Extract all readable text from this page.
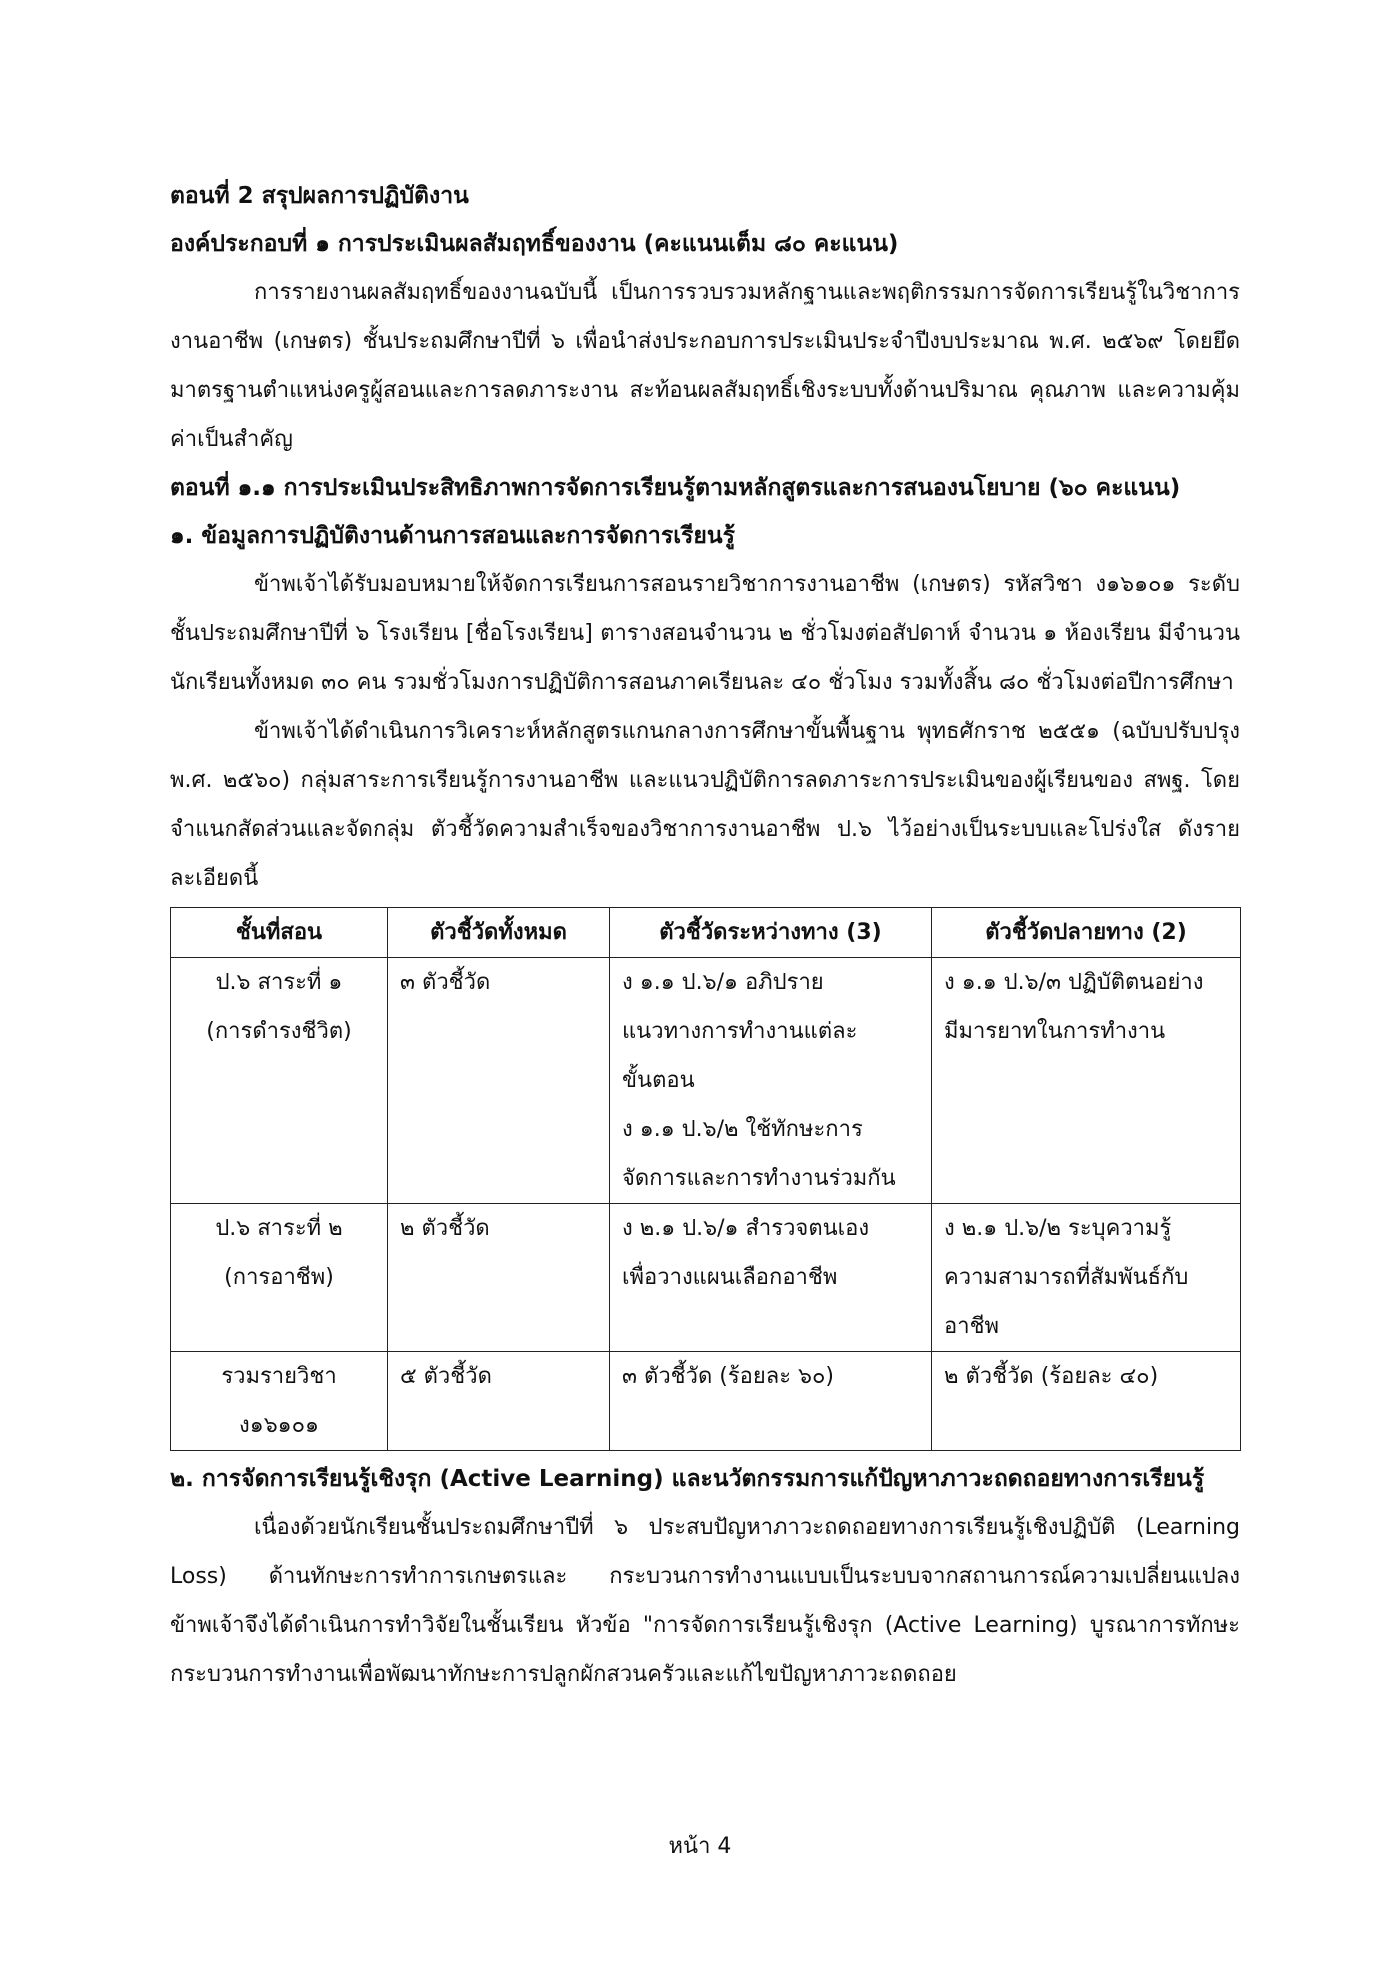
ตอนที่ 2 สรุปผลการปฏิบัติงาน

องค์ประกอบที่ ๑ การประเมินผลสัมฤทธิ์ของงาน (คะแนนเต็ม ๘๐ คะแนน)

การรายงานผลสัมฤทธิ์ของงานฉบับนี้ เป็นการรวบรวมหลักฐานและพฤติกรรมการจัดการเรียนรู้ในวิชาการงานอาชีพ (เกษตร) ชั้นประถมศึกษาปีที่ ๖ เพื่อนำส่งประกอบการประเมินประจำปีงบประมาณ พ.ศ. ๒๕๖๙ โดยยึดมาตรฐานตำแหน่งครูผู้สอนและการลดภาระงาน สะท้อนผลสัมฤทธิ์เชิงระบบทั้งด้านปริมาณ คุณภาพ และความคุ้มค่าเป็นสำคัญ

ตอนที่ ๑.๑ การประเมินประสิทธิภาพการจัดการเรียนรู้ตามหลักสูตรและการสนองนโยบาย (๖๐ คะแนน)

๑. ข้อมูลการปฏิบัติงานด้านการสอนและการจัดการเรียนรู้

ข้าพเจ้าได้รับมอบหมายให้จัดการเรียนการสอนรายวิชาการงานอาชีพ (เกษตร) รหัสวิชา ง๑๖๑๐๑ ระดับชั้นประถมศึกษาปีที่ ๖ โรงเรียน [ชื่อโรงเรียน] ตารางสอนจำนวน ๒ ชั่วโมงต่อสัปดาห์ จำนวน ๑ ห้องเรียน มีจำนวนนักเรียนทั้งหมด ๓๐ คน รวมชั่วโมงการปฏิบัติการสอนภาคเรียนละ ๔๐ ชั่วโมง รวมทั้งสิ้น ๘๐ ชั่วโมงต่อปีการศึกษา

ข้าพเจ้าได้ดำเนินการวิเคราะห์หลักสูตรแกนกลางการศึกษาขั้นพื้นฐาน พุทธศักราช ๒๕๕๑ (ฉบับปรับปรุง พ.ศ. ๒๕๖๐) กลุ่มสาระการเรียนรู้การงานอาชีพ และแนวปฏิบัติการลดภาระการประเมินของผู้เรียนของ สพฐ. โดยจำแนกสัดส่วนและจัดกลุ่ม ตัวชี้วัดความสำเร็จของวิชาการงานอาชีพ ป.๖ ไว้อย่างเป็นระบบและโปร่งใส ดังรายละเอียดนี้

ชั้นที่สอน	ตัวชี้วัดทั้งหมด	ตัวชี้วัดระหว่างทาง (3)	ตัวชี้วัดปลายทาง (2)

ป.๖ สาระที่ ๑
(การดำรงชีวิต)	๓ ตัวชี้วัด	ง ๑.๑ ป.๖/๑ อภิปราย
แนวทางการทำงานแต่ละ
ขั้นตอน
ง ๑.๑ ป.๖/๒ ใช้ทักษะการ
จัดการและการทำงานร่วมกัน	ง ๑.๑ ป.๖/๓ ปฏิบัติตนอย่าง
มีมารยาทในการทำงาน

ป.๖ สาระที่ ๒
(การอาชีพ)	๒ ตัวชี้วัด	ง ๒.๑ ป.๖/๑ สำรวจตนเอง
เพื่อวางแผนเลือกอาชีพ	ง ๒.๑ ป.๖/๒ ระบุความรู้
ความสามารถที่สัมพันธ์กับ
อาชีพ

รวมรายวิชา
ง๑๖๑๐๑	๕ ตัวชี้วัด	๓ ตัวชี้วัด (ร้อยละ ๖๐)	๒ ตัวชี้วัด (ร้อยละ ๔๐)

๒. การจัดการเรียนรู้เชิงรุก (Active Learning) และนวัตกรรมการแก้ปัญหาภาวะถดถอยทางการเรียนรู้

เนื่องด้วยนักเรียนชั้นประถมศึกษาปีที่ ๖ ประสบปัญหาภาวะถดถอยทางการเรียนรู้เชิงปฏิบัติ (Learning Loss) ด้านทักษะการทำการเกษตรและ กระบวนการทำงานแบบเป็นระบบจากสถานการณ์ความเปลี่ยนแปลง ข้าพเจ้าจึงได้ดำเนินการทำวิจัยในชั้นเรียน หัวข้อ "การจัดการเรียนรู้เชิงรุก (Active Learning) บูรณาการทักษะกระบวนการทำงานเพื่อพัฒนาทักษะการปลูกผักสวนครัวและแก้ไขปัญหาภาวะถดถอย

หน้า 4
